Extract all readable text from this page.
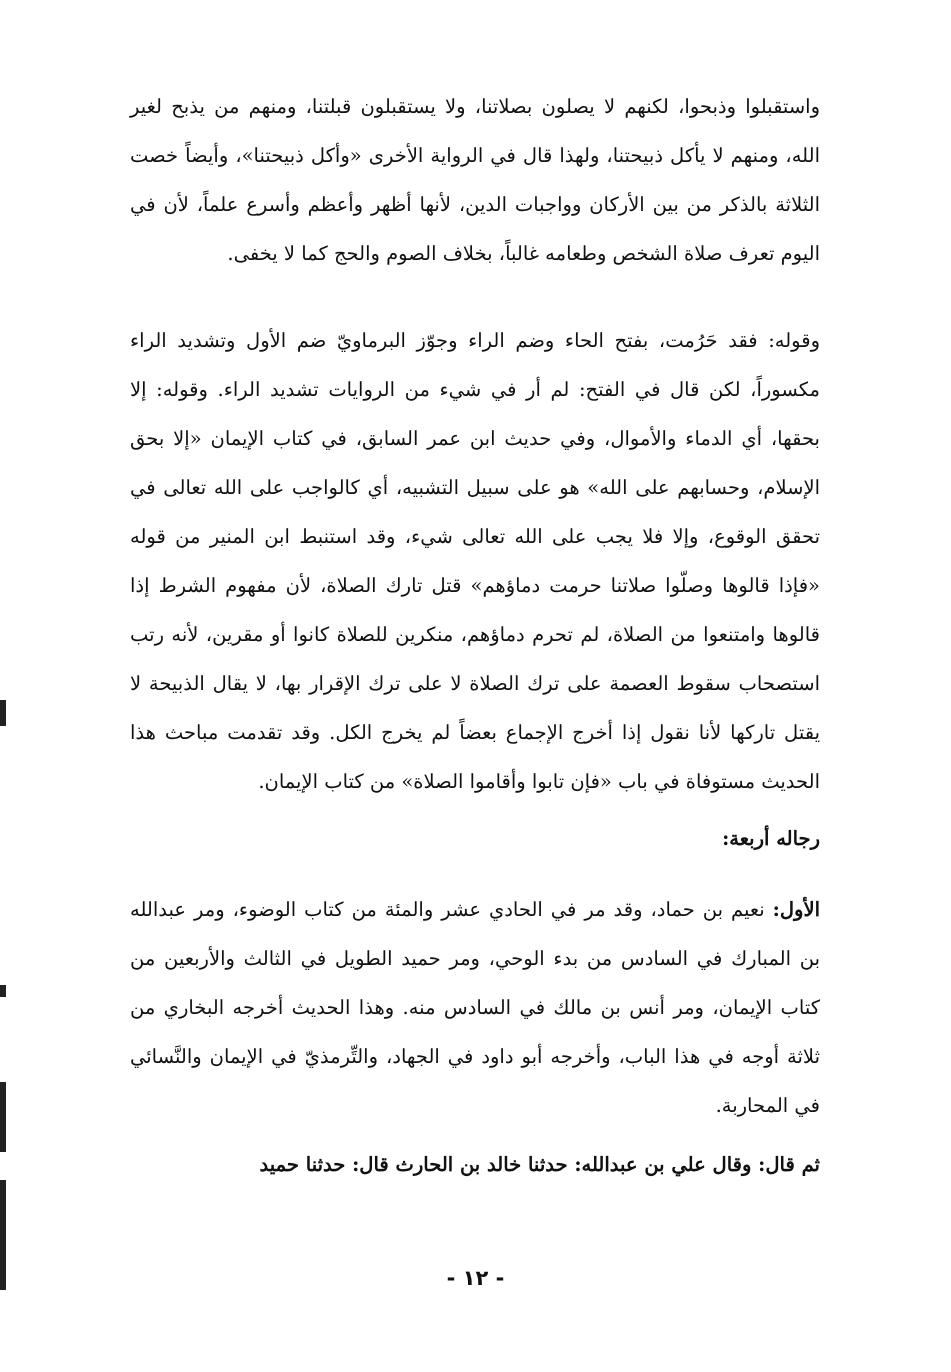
واستقبلوا وذبحوا، لكنهم لا يصلون بصلاتنا، ولا يستقبلون قبلتنا، ومنهم من يذبح لغير الله، ومنهم لا يأكل ذبيحتنا، ولهذا قال في الرواية الأخرى «وأكل ذبيحتنا»، وأيضاً خصت الثلاثة بالذكر من بين الأركان وواجبات الدين، لأنها أظهر وأعظم وأسرع علماً، لأن في اليوم تعرف صلاة الشخص وطعامه غالباً، بخلاف الصوم والحج كما لا يخفى.

وقوله: فقد حَرُمت، بفتح الحاء وضم الراء وجوّز البرماويّ ضم الأول وتشديد الراء مكسوراً، لكن قال في الفتح: لم أر في شيء من الروايات تشديد الراء. وقوله: إلا بحقها، أي الدماء والأموال، وفي حديث ابن عمر السابق، في كتاب الإيمان «إلا بحق الإسلام، وحسابهم على الله» هو على سبيل التشبيه، أي كالواجب على الله تعالى في تحقق الوقوع، وإلا فلا يجب على الله تعالى شيء، وقد استنبط ابن المنير من قوله «فإذا قالوها وصلّوا صلاتنا حرمت دماؤهم» قتل تارك الصلاة، لأن مفهوم الشرط إذا قالوها وامتنعوا من الصلاة، لم تحرم دماؤهم، منكرين للصلاة كانوا أو مقرين، لأنه رتب استصحاب سقوط العصمة على ترك الصلاة لا على ترك الإقرار بها، لا يقال الذبيحة لا يقتل تاركها لأنا نقول إذا أخرج الإجماع بعضاً لم يخرج الكل. وقد تقدمت مباحث هذا الحديث مستوفاة في باب «فإن تابوا وأقاموا الصلاة» من كتاب الإيمان.

رجاله أربعة:

الأول: نعيم بن حماد، وقد مر في الحادي عشر والمئة من كتاب الوضوء، ومر عبدالله بن المبارك في السادس من بدء الوحي، ومر حميد الطويل في الثالث والأربعين من كتاب الإيمان، ومر أنس بن مالك في السادس منه. وهذا الحديث أخرجه البخاري من ثلاثة أوجه في هذا الباب، وأخرجه أبو داود في الجهاد، والتِّرمذيّ في الإيمان والنَّسائي في المحاربة.

ثم قال: وقال علي بن عبدالله: حدثنا خالد بن الحارث قال: حدثنا حميد

- ١٢ -
